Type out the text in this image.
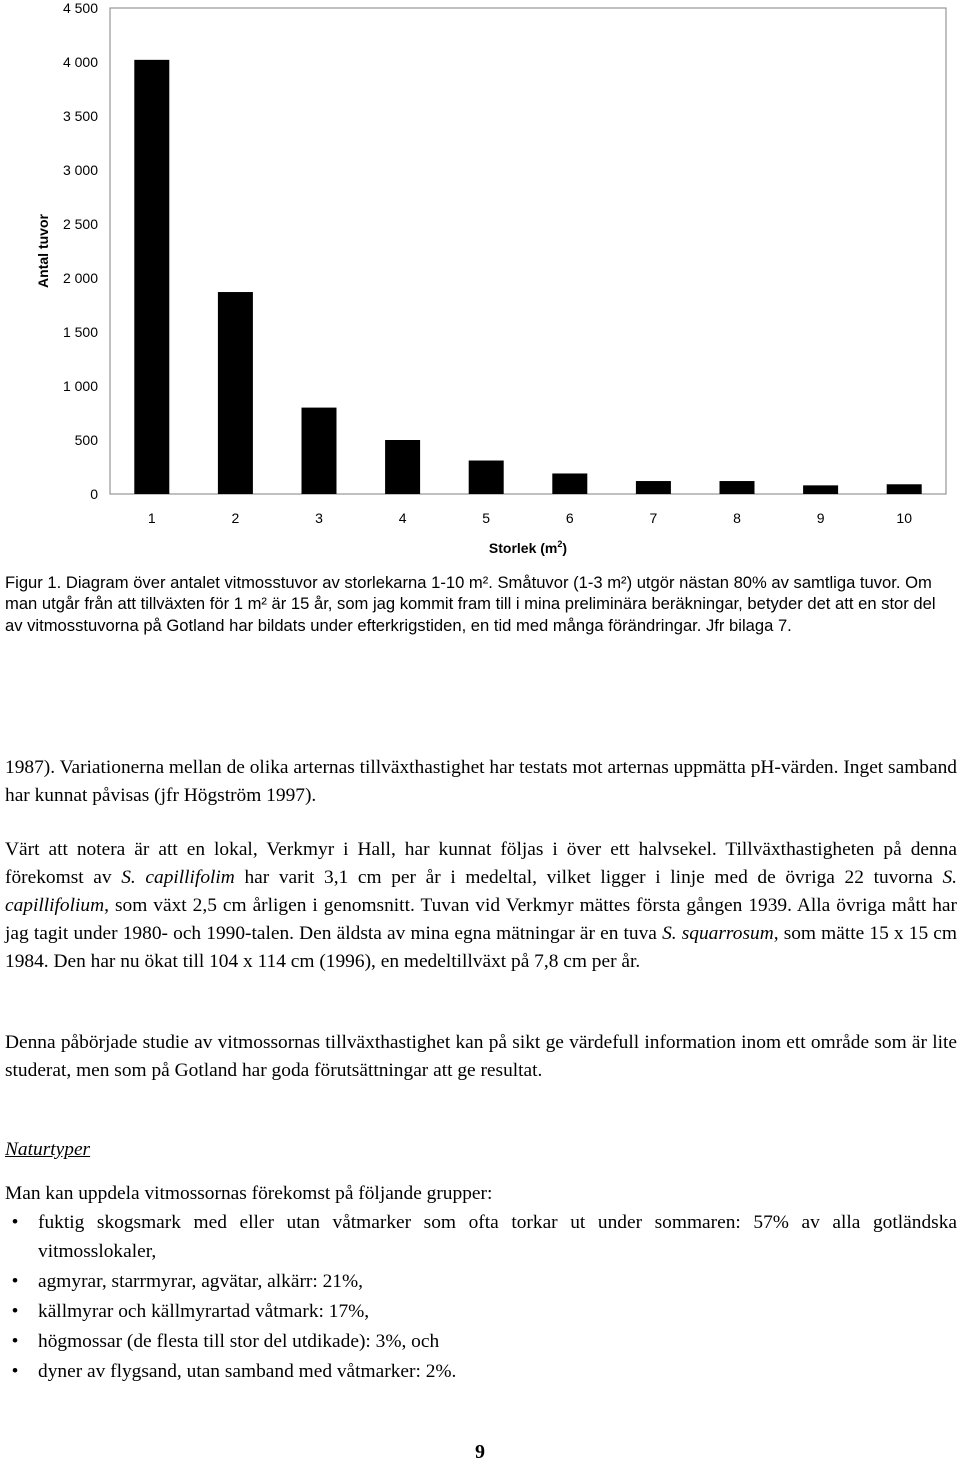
0
500
1 000
1 500
2 000
2 500
3 000
3 500
4 000
4 500
Antal tuvor
1	2	3	4	5	6	7	8	9	10
Storlek $(m^2)$
Figur 1. Diagram över antalet vitmosstuvor av storlekarna 1-10 m². Småtuvor (1-3 m²) utgör nästan 80% av samtliga tuvor. Om man utgår från att tillväxten för 1 m² är 15 år, som jag kommit fram till i mina preliminära beräkningar, betyder det att en stor del av vitmosstuvorna på Gotland har bildats under efterkrigstiden, en tid med många förändringar. Jfr bilaga 7.
1987). Variationerna mellan de olika arternas tillväxthastighet har testats mot arternas uppmätta pH-värden. Inget samband har kunnat påvisas (jfr Högström 1997).
Värt att notera är att en lokal, Verkmyr i Hall, har kunnat följas i över ett halvsekel. Tillväxthastigheten på denna förekomst av S. capillifolim har varit 3,1 cm per år i medeltal, vilket ligger i linje med de övriga 22 tuvorna S. capillifolium, som växt 2,5 cm årligen i genomsnitt. Tuvan vid Verkmyr mättes första gången 1939. Alla övriga mått har jag tagit under 1980- och 1990-talen. Den äldsta av mina egna mätningar är en tuva S. squarrosum, som mätte 15 x 15 cm 1984. Den har nu ökat till 104 x 114 cm (1996), en medeltillväxt på 7,8 cm per år.
Denna påbörjade studie av vitmossornas tillväxthastighet kan på sikt ge värdefull information inom ett område som är lite studerat, men som på Gotland har goda förutsättningar att ge resultat.
Naturtyper
Man kan uppdela vitmossornas förekomst på följande grupper:
•	fuktig skogsmark med eller utan våtmarker som ofta torkar ut under sommaren: 57% av alla gotländska vitmosslokaler,
•	agmyrar, starrmyrar, agvätar, alkärr: 21%,
•	källmyrar och källmyrartad våtmark: 17%,
•	högmossar (de flesta till stor del utdikade): 3%, och
•	dyner av flygsand, utan samband med våtmarker: 2%.
9
